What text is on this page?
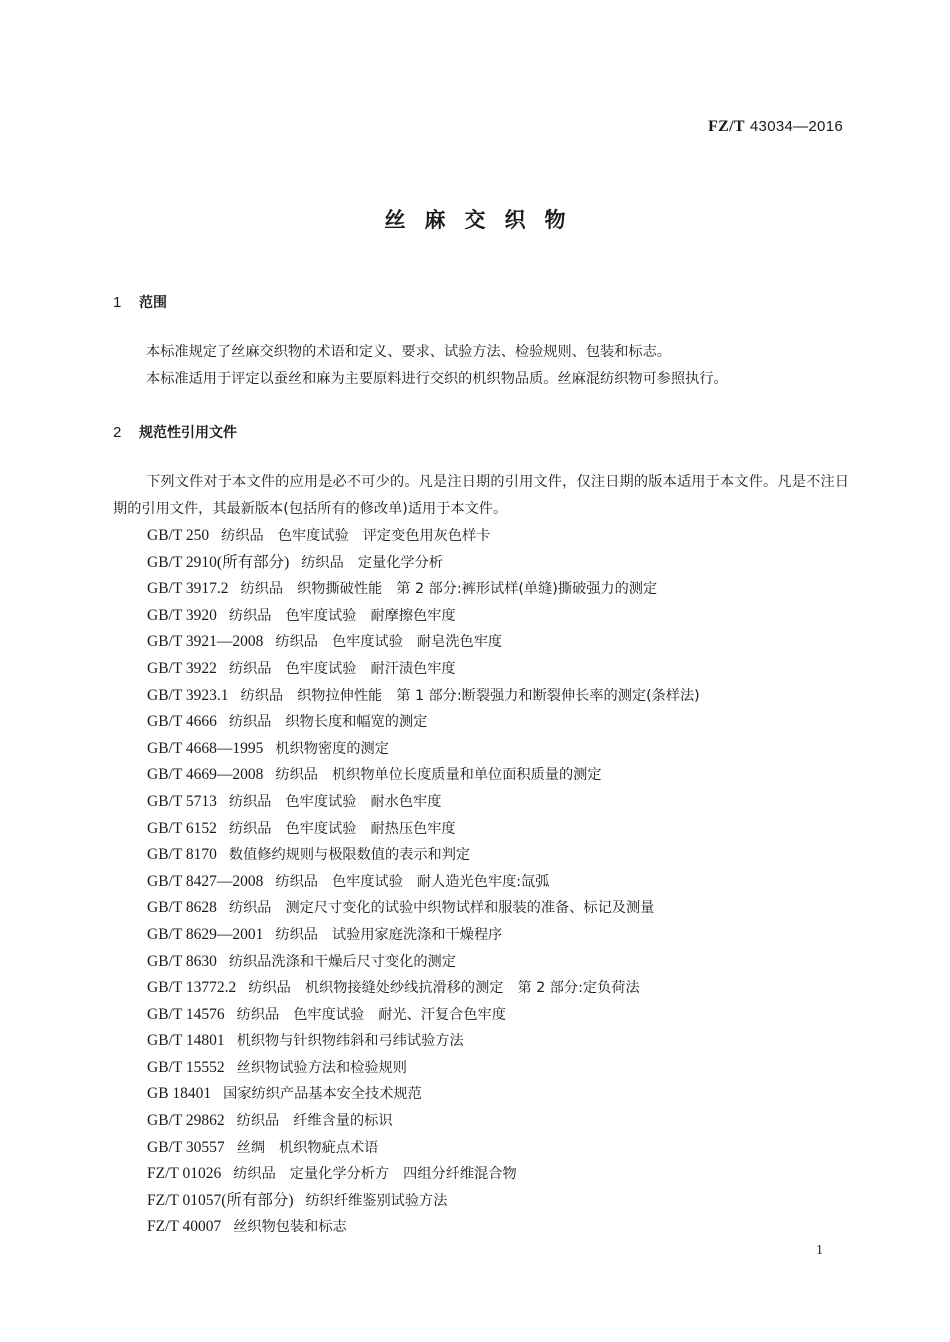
FZ/T 43034—2016
丝麻交织物
1 范围
本标准规定了丝麻交织物的术语和定义、要求、试验方法、检验规则、包装和标志。
本标准适用于评定以蚕丝和麻为主要原料进行交织的机织物品质。丝麻混纺织物可参照执行。
2 规范性引用文件
下列文件对于本文件的应用是必不可少的。凡是注日期的引用文件，仅注日期的版本适用于本文件。凡是不注日期的引用文件，其最新版本(包括所有的修改单)适用于本文件。
GB/T 250 纺织品 色牢度试验 评定变色用灰色样卡
GB/T 2910(所有部分) 纺织品 定量化学分析
GB/T 3917.2 纺织品 织物撕破性能 第 2 部分:裤形试样(单缝)撕破强力的测定
GB/T 3920 纺织品 色牢度试验 耐摩擦色牢度
GB/T 3921—2008 纺织品 色牢度试验 耐皂洗色牢度
GB/T 3922 纺织品 色牢度试验 耐汗渍色牢度
GB/T 3923.1 纺织品 织物拉伸性能 第 1 部分:断裂强力和断裂伸长率的测定(条样法)
GB/T 4666 纺织品 织物长度和幅宽的测定
GB/T 4668—1995 机织物密度的测定
GB/T 4669—2008 纺织品 机织物单位长度质量和单位面积质量的测定
GB/T 5713 纺织品 色牢度试验 耐水色牢度
GB/T 6152 纺织品 色牢度试验 耐热压色牢度
GB/T 8170 数值修约规则与极限数值的表示和判定
GB/T 8427—2008 纺织品 色牢度试验 耐人造光色牢度:氙弧
GB/T 8628 纺织品 测定尺寸变化的试验中织物试样和服装的准备、标记及测量
GB/T 8629—2001 纺织品 试验用家庭洗涤和干燥程序
GB/T 8630 纺织品洗涤和干燥后尺寸变化的测定
GB/T 13772.2 纺织品 机织物接缝处纱线抗滑移的测定 第 2 部分:定负荷法
GB/T 14576 纺织品 色牢度试验 耐光、汗复合色牢度
GB/T 14801 机织物与针织物纬斜和弓纬试验方法
GB/T 15552 丝织物试验方法和检验规则
GB 18401 国家纺织产品基本安全技术规范
GB/T 29862 纺织品 纤维含量的标识
GB/T 30557 丝绸 机织物疵点术语
FZ/T 01026 纺织品 定量化学分析方 四组分纤维混合物
FZ/T 01057(所有部分) 纺织纤维鉴别试验方法
FZ/T 40007 丝织物包装和标志
1
